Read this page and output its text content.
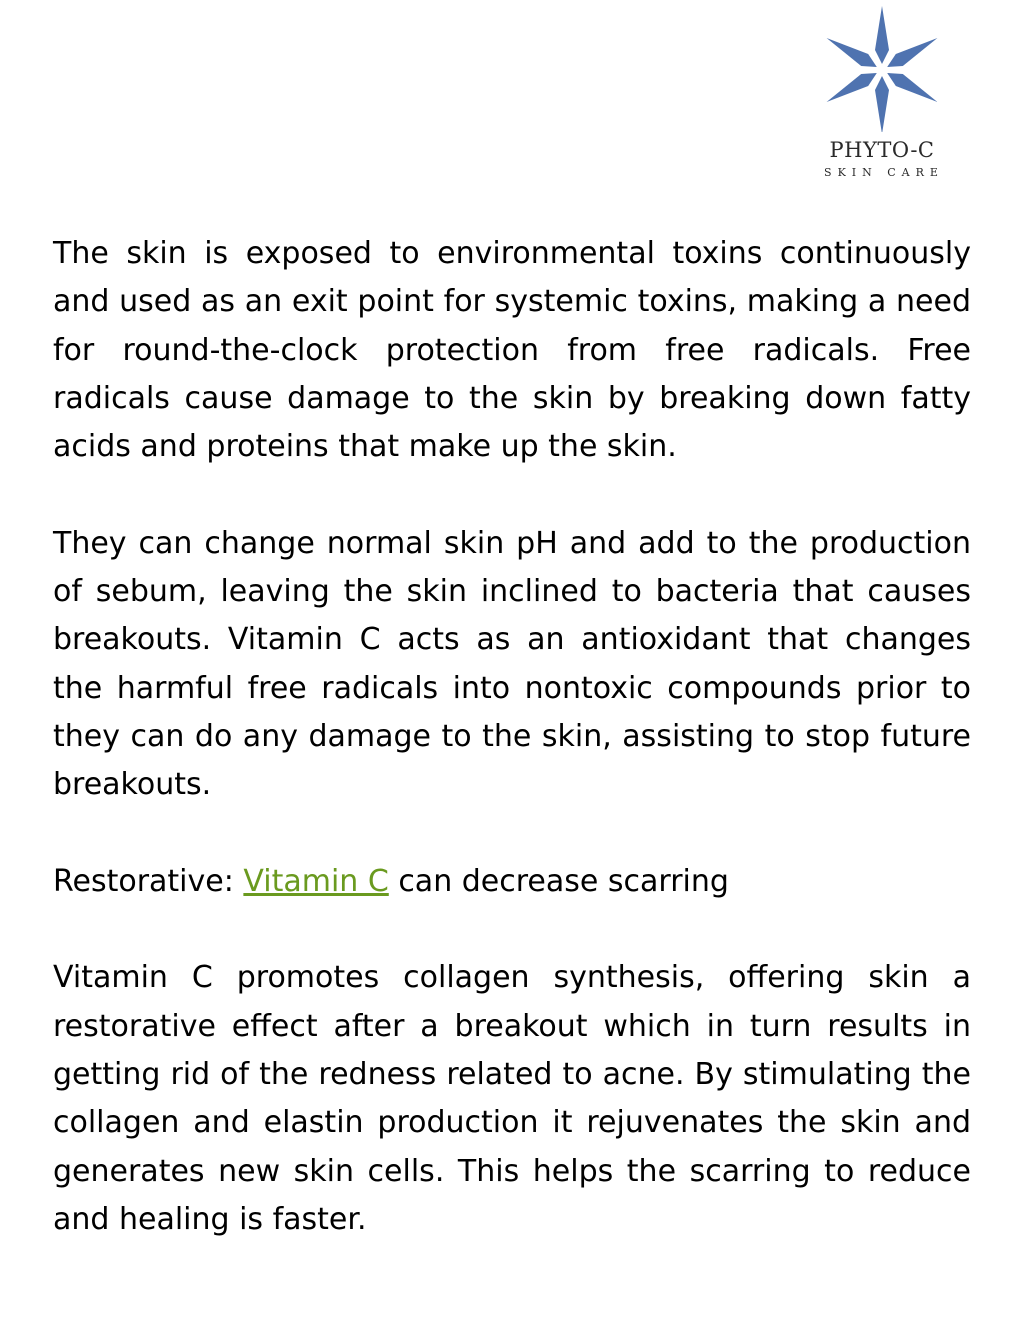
PHYTO-C
SKIN CARE

The skin is exposed to environmental toxins continuously and used as an exit point for systemic toxins, making a need for round-the-clock protection from free radicals. Free radicals cause damage to the skin by breaking down fatty acids and proteins that make up the skin.

They can change normal skin pH and add to the production of sebum, leaving the skin inclined to bacteria that causes breakouts. Vitamin C acts as an antioxidant that changes the harmful free radicals into nontoxic compounds prior to they can do any damage to the skin, assisting to stop future breakouts.

Restorative: Vitamin C can decrease scarring

Vitamin C promotes collagen synthesis, offering skin a restorative effect after a breakout which in turn results in getting rid of the redness related to acne. By stimulating the collagen and elastin production it rejuvenates the skin and generates new skin cells. This helps the scarring to reduce and healing is faster.
